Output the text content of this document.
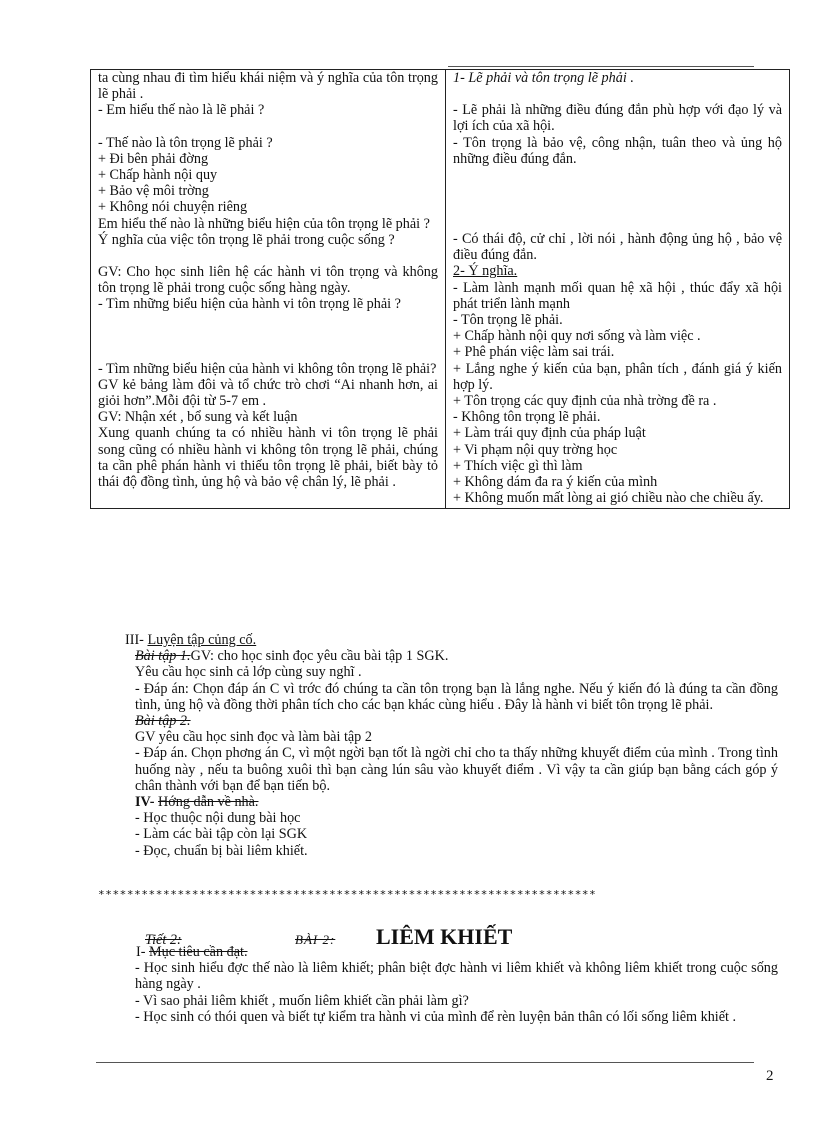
ta cùng nhau đi tìm hiểu khái niệm và ý nghĩa của tôn trọng lẽ phải .
- Em hiểu thế nào là lẽ phải ?
- Thế nào là tôn trọng lẽ phải ?
+ Đi bên phải đờng
+ Chấp hành nội quy
+ Bảo vệ môi trờng
+ Không nói chuyện riêng
Em hiểu thế nào là những biểu hiện của tôn trọng lẽ phải ?
Ý nghĩa của việc tôn trọng lẽ phải trong cuộc sống ?
GV: Cho học sinh liên hệ các hành vi tôn trọng và không tôn trọng lẽ phải trong cuộc sống hàng ngày.
- Tìm những biểu hiện của hành vi tôn trọng lẽ phải ?
- Tìm những biểu hiện của hành vi không tôn trọng lẽ phải?
GV kẻ bảng làm đôi và tổ chức trò chơi “Ai nhanh hơn, ai giỏi hơn”.Mỗi đội từ 5-7 em .
GV: Nhận xét , bổ sung và kết luận
Xung quanh chúng ta có nhiều hành vi tôn trọng lẽ phải song cũng có nhiều hành vi không tôn trọng lẽ phải, chúng ta cần phê phán hành vi thiếu tôn trọng lẽ phải, biết bày tỏ thái độ đồng tình, ủng hộ và bảo vệ chân lý, lẽ phải .

1- Lẽ phải và tôn trọng lẽ phải .
- Lẽ phải là những điều đúng đắn phù hợp với đạo lý và lợi ích của xã hội.
- Tôn trọng là bảo vệ, công nhận, tuân theo và ủng hộ những điều đúng đắn.
- Có thái độ, cử chỉ , lời nói , hành động ủng hộ , bảo vệ điều đúng đắn.
2- Ý nghĩa.
- Làm lành mạnh mối quan hệ xã hội , thúc đẩy xã hội phát triển lành mạnh
- Tôn trọng lẽ phải.
+ Chấp hành nội quy nơi sống và làm việc .
+ Phê phán việc làm sai trái.
+ Lắng nghe ý kiến của bạn, phân tích , đánh giá ý kiến hợp lý.
+ Tôn trọng các quy định của nhà trờng đề ra .
- Không tôn trọng lẽ phải.
+ Làm trái quy định của pháp luật
+ Vi phạm nội quy trờng học
+ Thích việc gì thì làm
+ Không dám đa ra ý kiến của mình
+ Không muốn mất lòng ai gió chiều nào che chiều ấy.
III- Luyện tập củng cố.
Bài tập 1.GV: cho học sinh đọc yêu cầu bài tập 1 SGK.
Yêu cầu học sinh cả lớp cùng suy nghĩ .
- Đáp án: Chọn đáp án C vì trớc đó chúng ta cần tôn trọng bạn là lắng nghe. Nếu ý kiến đó là đúng ta cần đồng tình, ủng hộ và đồng thời phân tích cho các bạn khác cùng hiểu . Đây là hành vi biết tôn trọng lẽ phải.
Bài tập 2.
GV yêu cầu học sinh đọc và làm bài tập 2
- Đáp án. Chọn phơng án C, vì một ngời bạn tốt là ngời chỉ cho ta thấy những khuyết điểm của mình . Trong tình huống này , nếu ta buông xuôi thì bạn càng lún sâu vào khuyết điểm . Vì vậy ta cần giúp bạn bằng cách góp ý chân thành với bạn để bạn tiến bộ.
IV- Hớng dẫn về nhà.
- Học thuộc nội dung bài học
- Làm các bài tập còn lại SGK
- Đọc, chuẩn bị bài liêm khiết.
*********************************************************************
Tiết 2:	BÀI 2: LIÊM KHIẾT
I- Mục tiêu cần đạt.
- Học sinh hiểu đợc thế nào là liêm khiết; phân biệt đợc hành vi liêm khiết và không liêm khiết trong cuộc sống hàng ngày .
- Vì sao phải liêm khiết , muốn liêm khiết cần phải làm gì?
- Học sinh có thói quen và biết tự kiểm tra hành vi của mình để rèn luyện bản thân có lối sống liêm khiết .
2
